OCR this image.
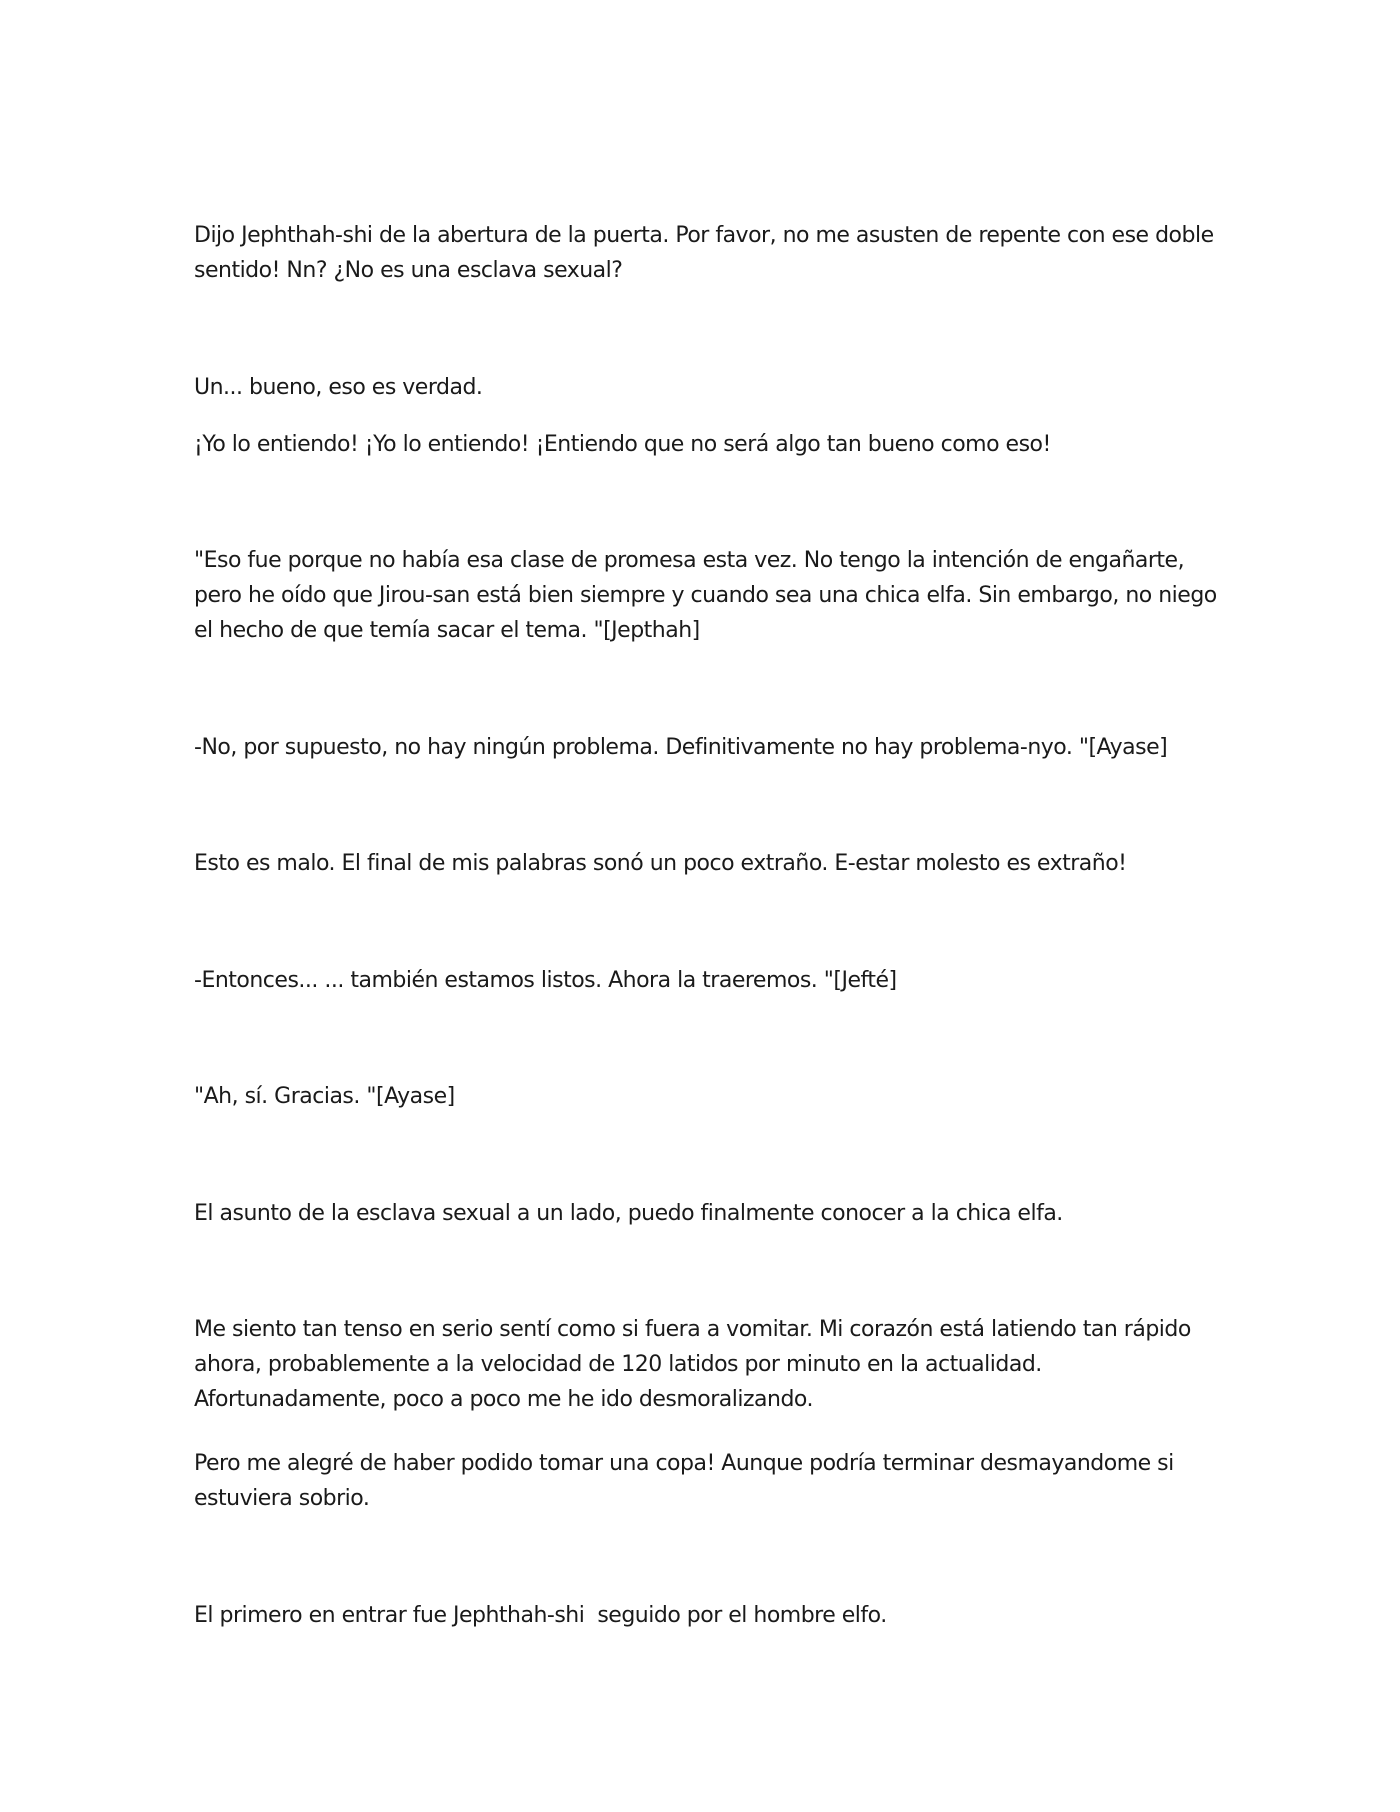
Dijo Jephthah-shi de la abertura de la puerta. Por favor, no me asusten de repente con ese doble sentido! Nn? ¿No es una esclava sexual?

Un... bueno, eso es verdad.

¡Yo lo entiendo! ¡Yo lo entiendo! ¡Entiendo que no será algo tan bueno como eso!

"Eso fue porque no había esa clase de promesa esta vez. No tengo la intención de engañarte, pero he oído que Jirou-san está bien siempre y cuando sea una chica elfa. Sin embargo, no niego el hecho de que temía sacar el tema. "[Jepthah]

-No, por supuesto, no hay ningún problema. Definitivamente no hay problema-nyo. "[Ayase]

Esto es malo. El final de mis palabras sonó un poco extraño. E-estar molesto es extraño!

-Entonces... ... también estamos listos. Ahora la traeremos. "[Jefté]

"Ah, sí. Gracias. "[Ayase]

El asunto de la esclava sexual a un lado, puedo finalmente conocer a la chica elfa.

Me siento tan tenso en serio sentí como si fuera a vomitar. Mi corazón está latiendo tan rápido ahora, probablemente a la velocidad de 120 latidos por minuto en la actualidad. Afortunadamente, poco a poco me he ido desmoralizando.

Pero me alegré de haber podido tomar una copa! Aunque podría terminar desmayandome si estuviera sobrio.

El primero en entrar fue Jephthah-shi  seguido por el hombre elfo.
